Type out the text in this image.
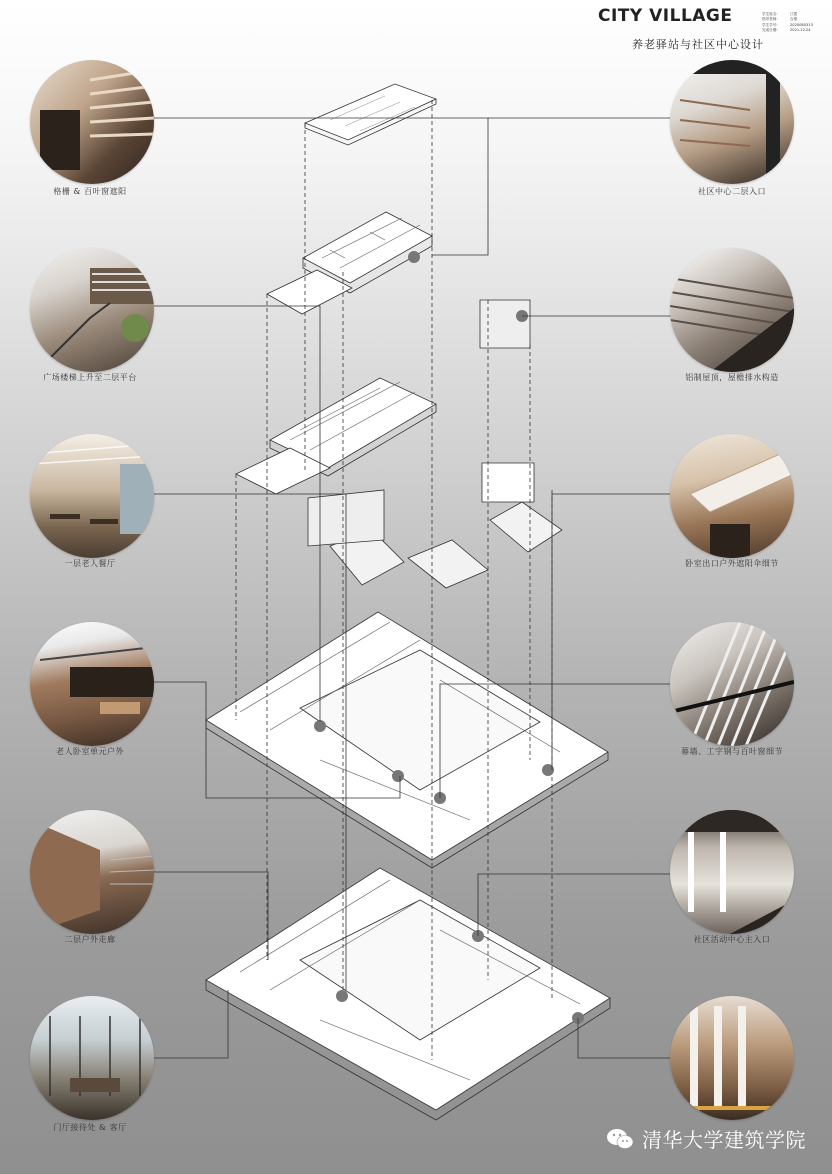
CITY VILLAGE
养老驿站与社区中心设计
学生姓名:	江霆
指导老师:	吉强
学生学号:	2020080313
完成日期:	2021.12.24
格栅 & 百叶窗遮阳
广场楼梯上升至二层平台
一层老人餐厅
老人卧室单元户外
二层户外走廊
门厅接待处 & 客厅
社区中心二层入口
铝制屋顶，屋檐排水构造
卧室出口户外遮阳伞细节
幕墙、工字钢与百叶窗细节
社区活动中心主入口
清华大学建筑学院
